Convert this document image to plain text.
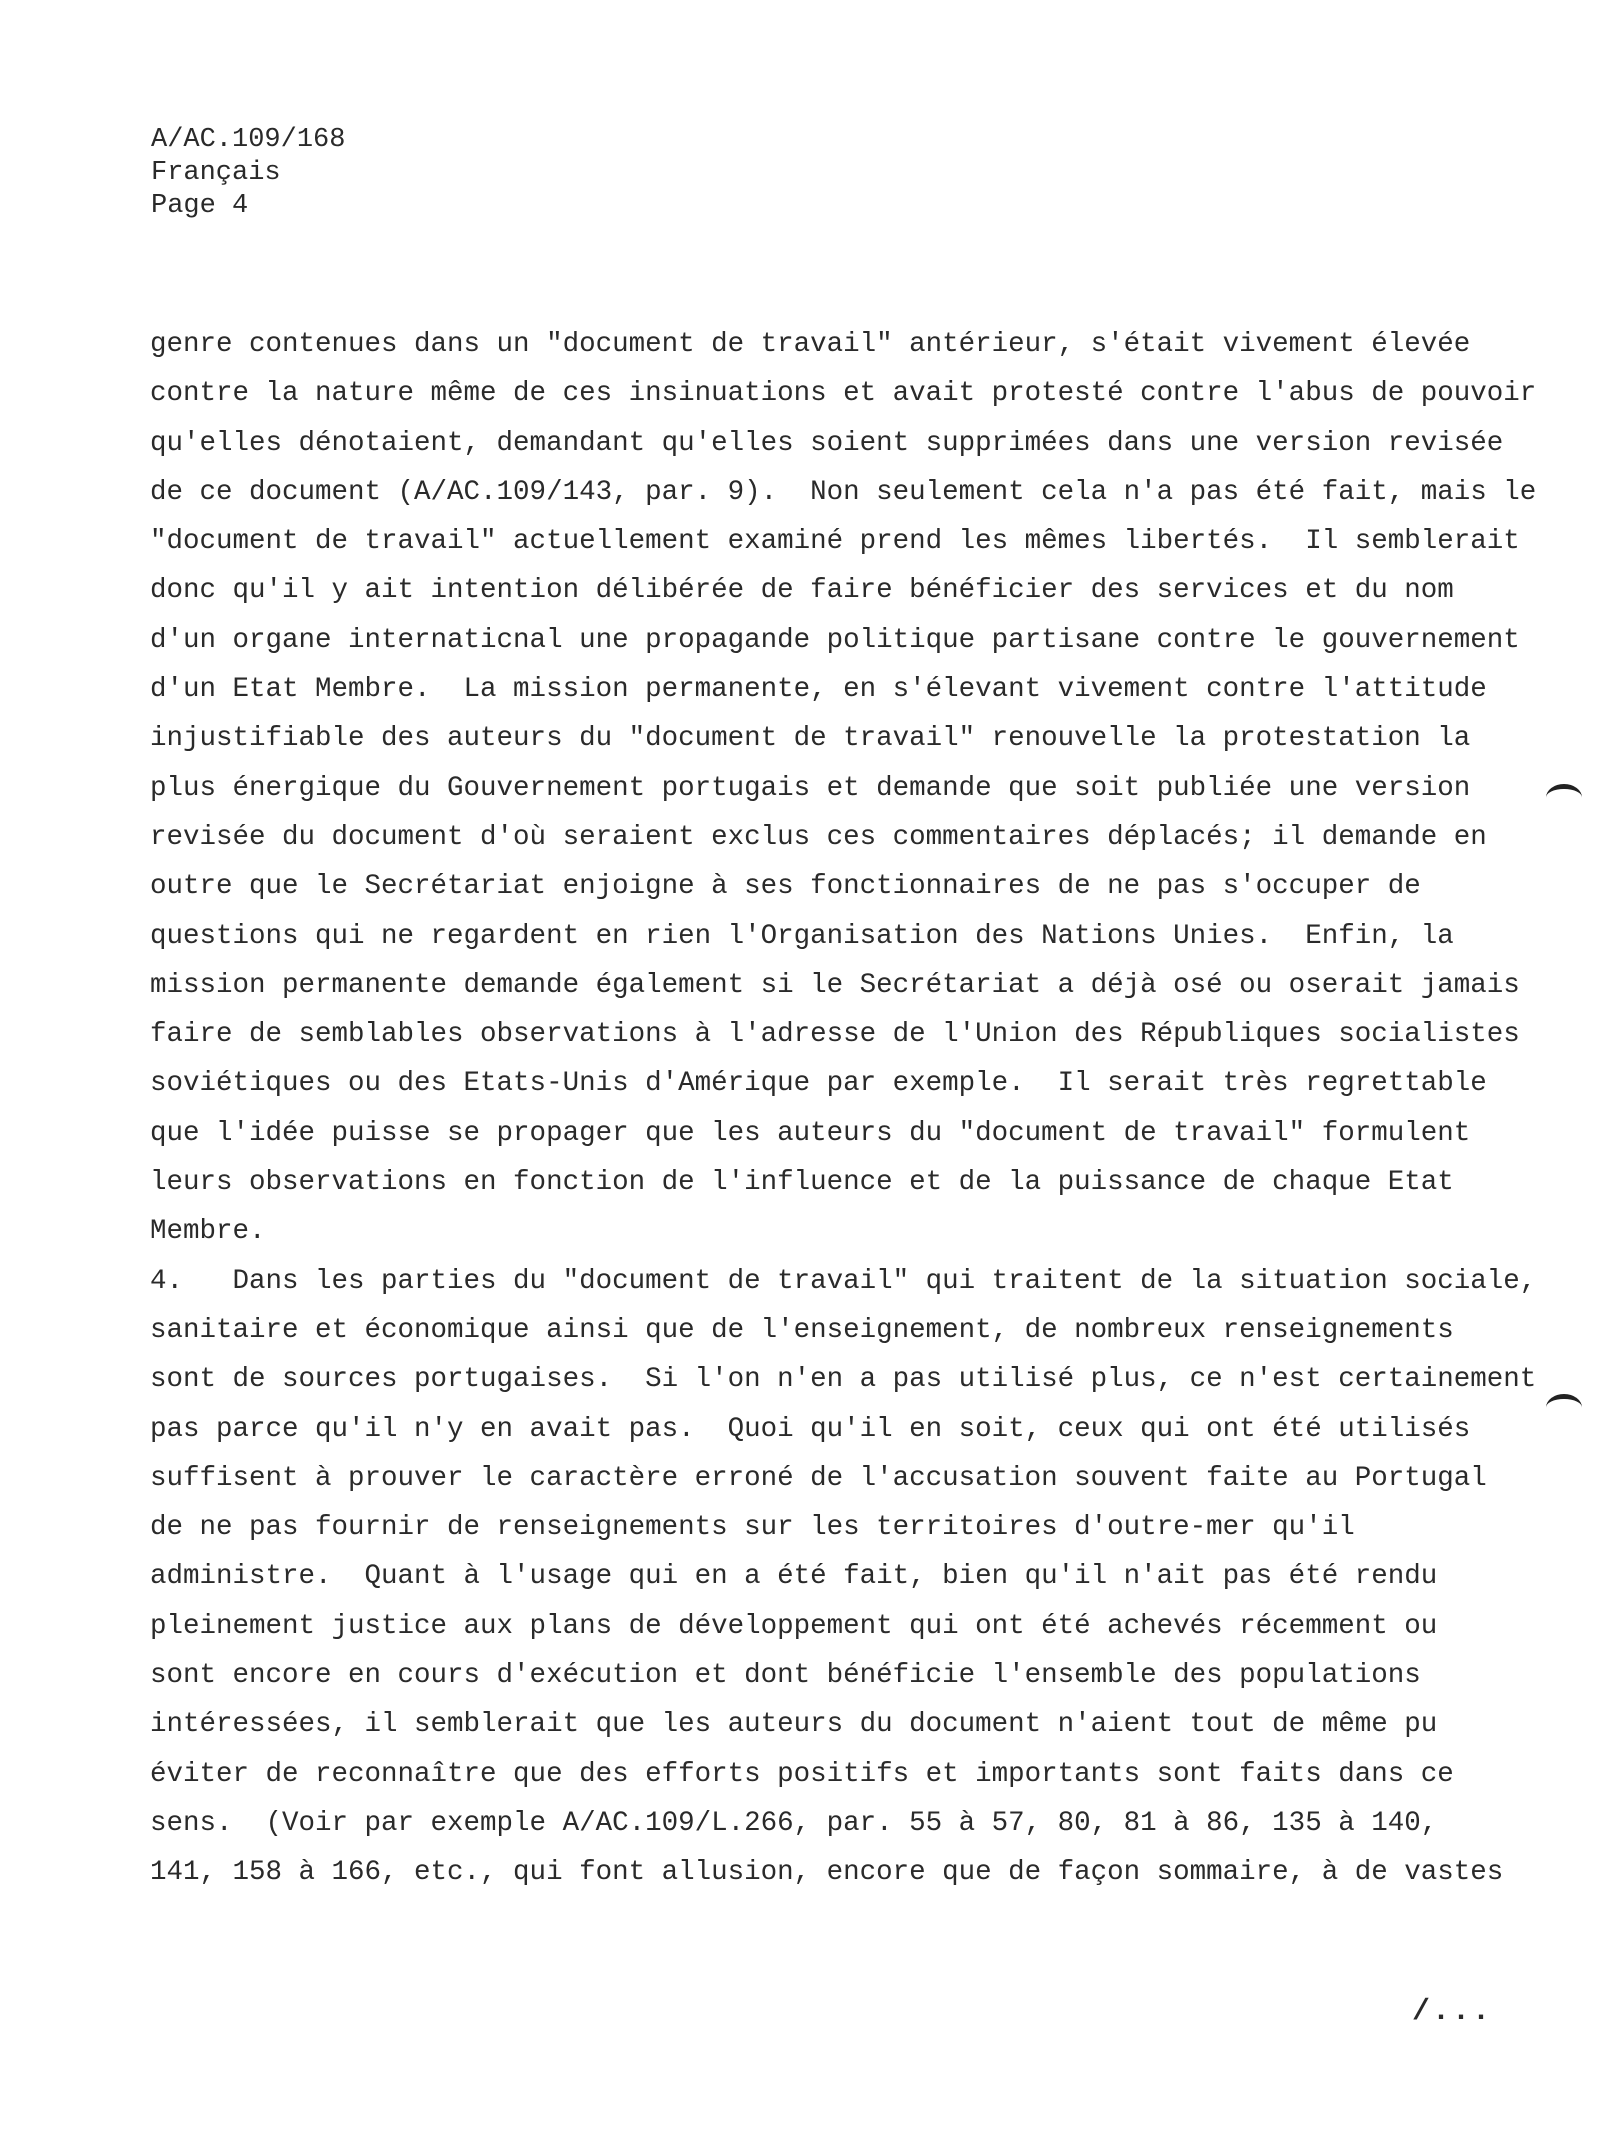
A/AC.109/168
Français
Page 4
genre contenues dans un "document de travail" antérieur, s'était vivement élevée
contre la nature même de ces insinuations et avait protesté contre l'abus de pouvoir
qu'elles dénotaient, demandant qu'elles soient supprimées dans une version revisée
de ce document (A/AC.109/143, par. 9).  Non seulement cela n'a pas été fait, mais le
"document de travail" actuellement examiné prend les mêmes libertés.  Il semblerait
donc qu'il y ait intention délibérée de faire bénéficier des services et du nom
d'un organe internaticnal une propagande politique partisane contre le gouvernement
d'un Etat Membre.  La mission permanente, en s'élevant vivement contre l'attitude
injustifiable des auteurs du "document de travail" renouvelle la protestation la
plus énergique du Gouvernement portugais et demande que soit publiée une version
revisée du document d'où seraient exclus ces commentaires déplacés; il demande en
outre que le Secrétariat enjoigne à ses fonctionnaires de ne pas s'occuper de
questions qui ne regardent en rien l'Organisation des Nations Unies.  Enfin, la
mission permanente demande également si le Secrétariat a déjà osé ou oserait jamais
faire de semblables observations à l'adresse de l'Union des Républiques socialistes
soviétiques ou des Etats-Unis d'Amérique par exemple.  Il serait très regrettable
que l'idée puisse se propager que les auteurs du "document de travail" formulent
leurs observations en fonction de l'influence et de la puissance de chaque Etat
Membre.
4.   Dans les parties du "document de travail" qui traitent de la situation sociale,
sanitaire et économique ainsi que de l'enseignement, de nombreux renseignements
sont de sources portugaises.  Si l'on n'en a pas utilisé plus, ce n'est certainement
pas parce qu'il n'y en avait pas.  Quoi qu'il en soit, ceux qui ont été utilisés
suffisent à prouver le caractère erroné de l'accusation souvent faite au Portugal
de ne pas fournir de renseignements sur les territoires d'outre-mer qu'il
administre.  Quant à l'usage qui en a été fait, bien qu'il n'ait pas été rendu
pleinement justice aux plans de développement qui ont été achevés récemment ou
sont encore en cours d'exécution et dont bénéficie l'ensemble des populations
intéressées, il semblerait que les auteurs du document n'aient tout de même pu
éviter de reconnaître que des efforts positifs et importants sont faits dans ce
sens.  (Voir par exemple A/AC.109/L.266, par. 55 à 57, 80, 81 à 86, 135 à 140,
141, 158 à 166, etc., qui font allusion, encore que de façon sommaire, à de vastes
/...
